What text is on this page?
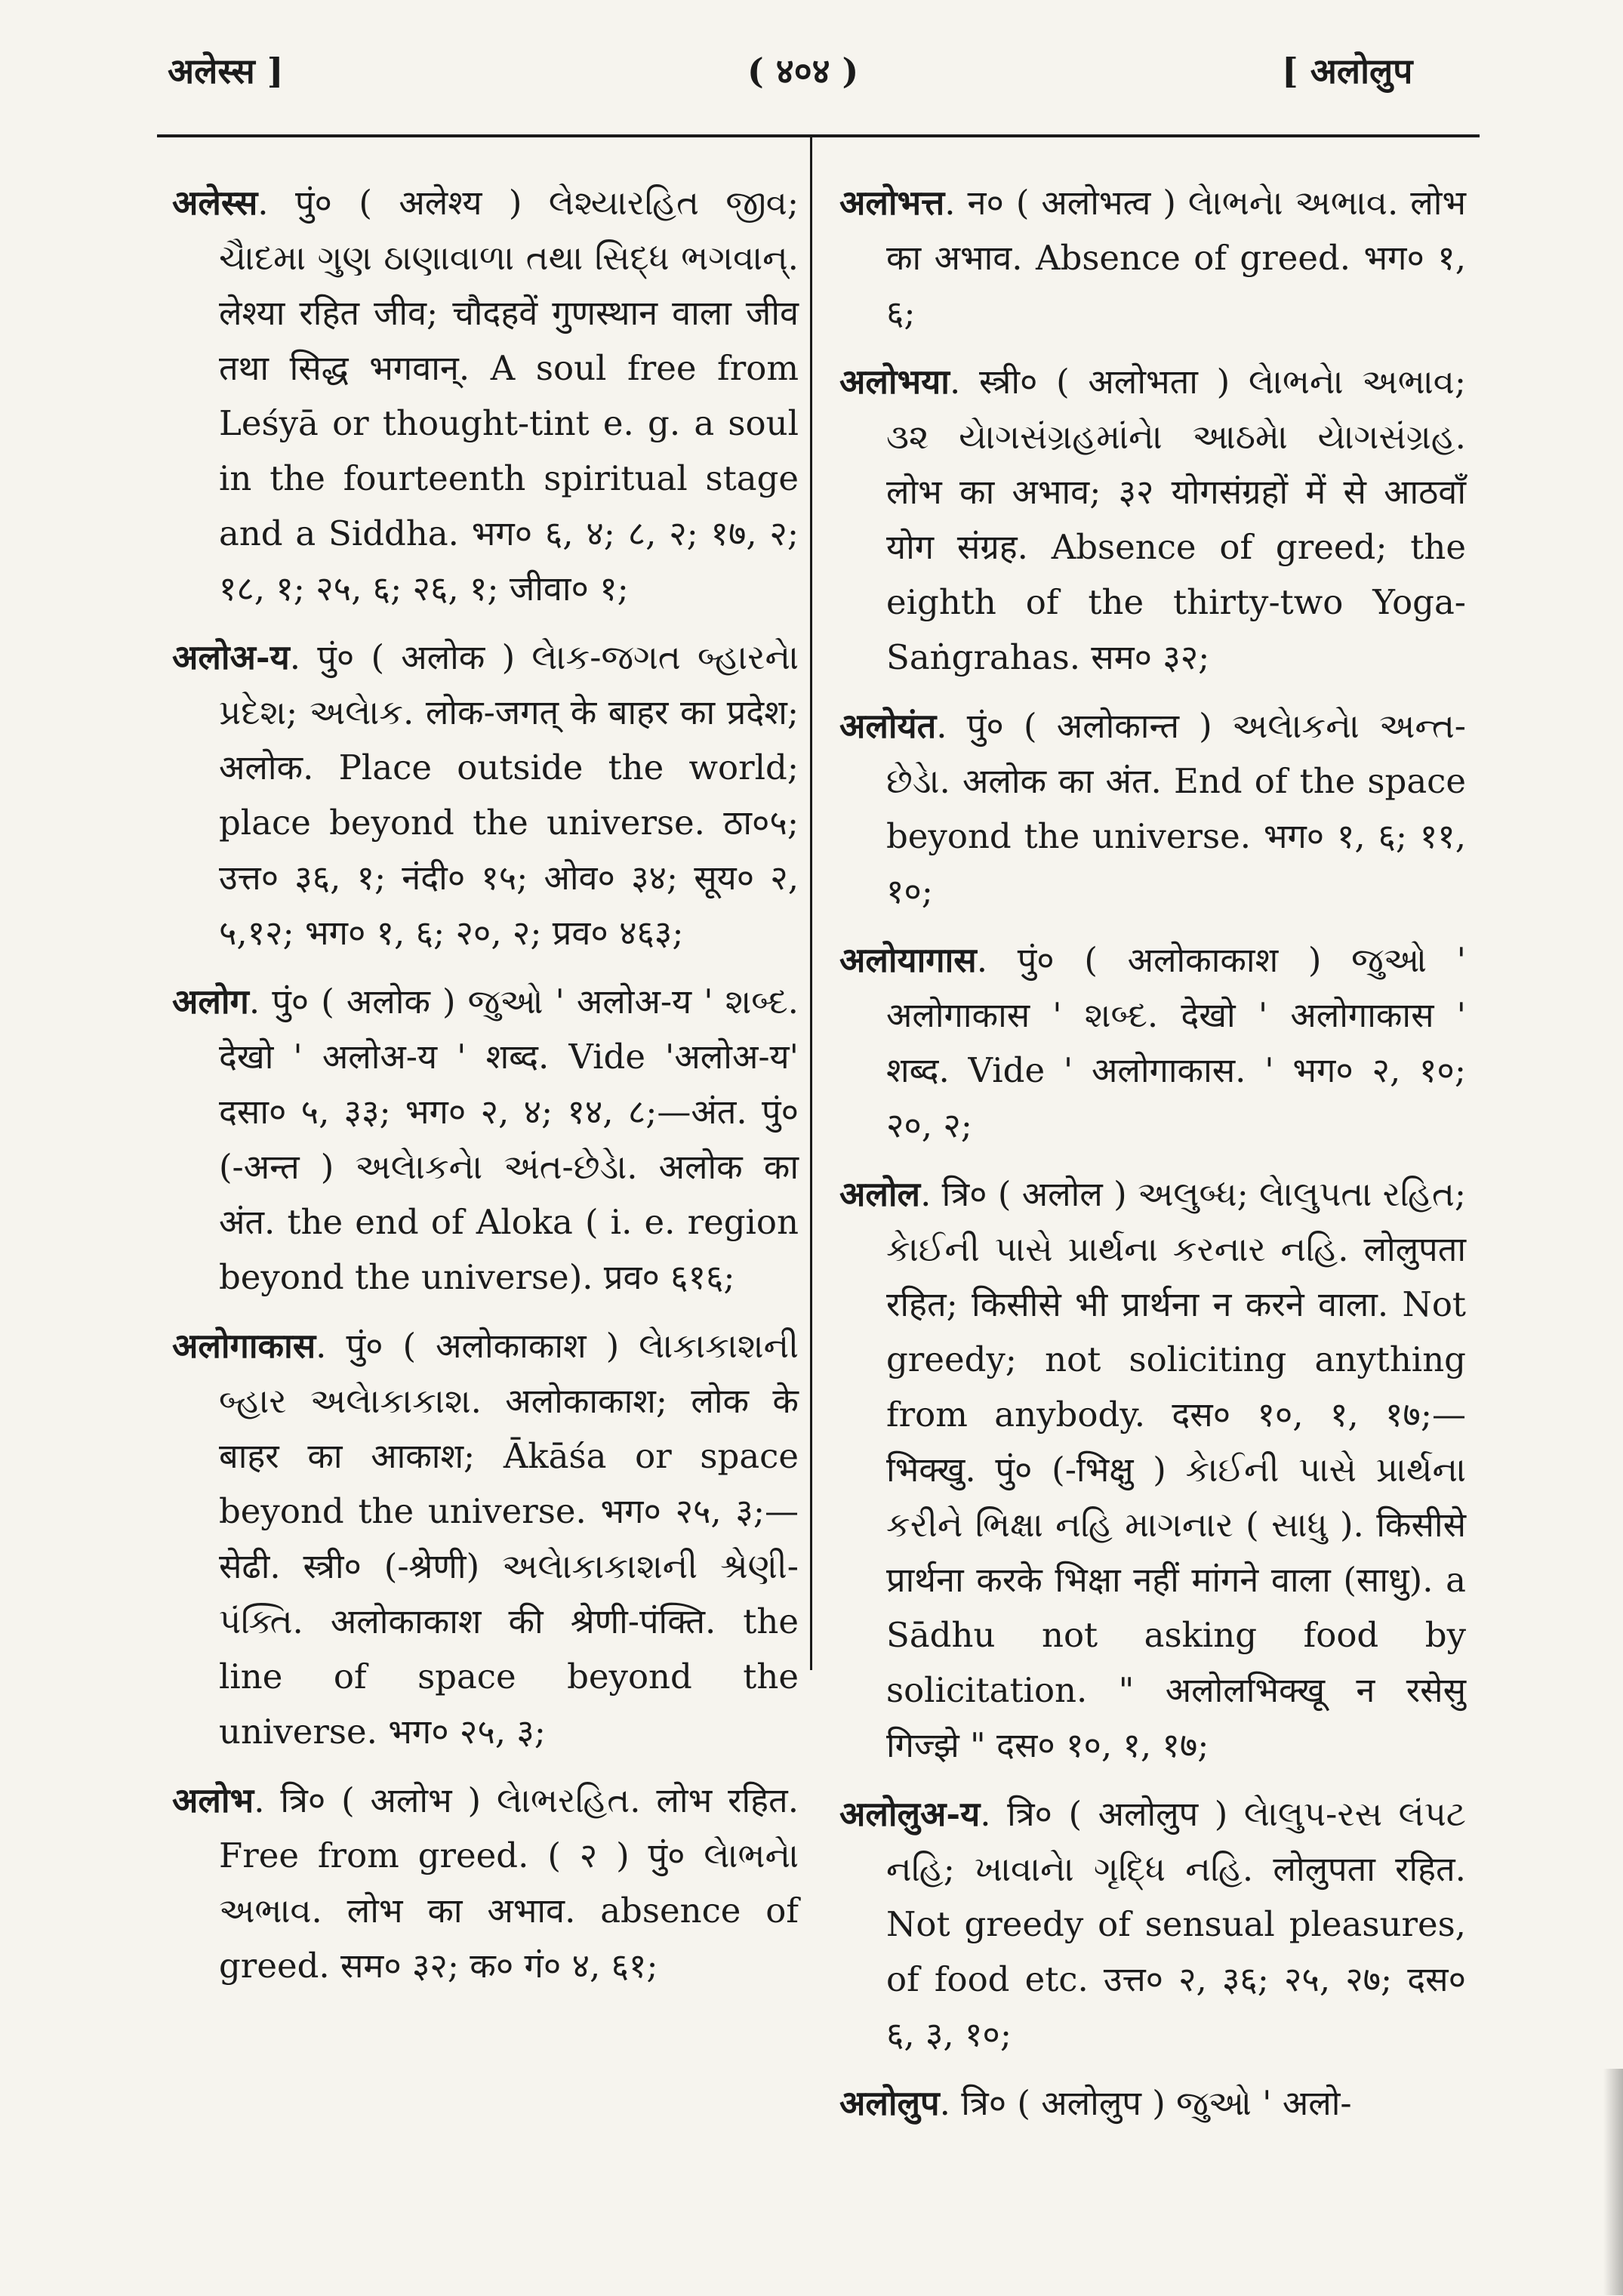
अलेस्स ]	( ४०४ )	[ अलोलुप

अलेस्स. पुं० ( अलेश्य ) લેશ્યારહિત જીવ; ચૈાદમા ગુણ ઠાણાવાળા તથા સિદ્ધ ભગવાન્. लेश्या रहित जीव; चौदहवें गुणस्थान वाला जीव तथा सिद्ध भगवान्. A soul free from Leśyā or thought-tint e. g. a soul in the fourteenth spiritual stage and a Siddha. भग० ६, ४; ८, २; १७, २; १८, १; २५, ६; २६, १; जीवा० १;

अलोअ-य. पुं० ( अलोक ) લેાક-જગત બ્હારનેા પ્રદેશ; અલેાક. लोक-जगत् के बाहर का प्रदेश; अलोक. Place outside the world; place beyond the universe. ठा०५; उत्त० ३६, १; नंदी० १५; ओव० ३४; सूय० २, ५,१२; भग० १, ६; २०, २; प्रव० ४६३;

अलोग. पुं० ( अलोक ) જુઓ ' अलोअ-य ' શબ્દ. देखो ' अलोअ-य ' शब्द. Vide 'अलोअ-य' दसा० ५, ३३; भग० २, ४; १४, ८;—अंत. पुं० (-अन्त ) અલેાકનેા અંત-છેડેા. अलोक का अंत. the end of Aloka ( i. e. region beyond the universe). प्रव० ६१६;

अलोगाकास. पुं० ( अलोकाकाश ) લેાકાકાશની બ્હાર અલેાકાકાશ. अलोकाकाश; लोक के बाहर का आकाश; Ākāśa or space beyond the universe. भग० २५, ३;—सेढी. स्त्री० (-श्रेणी) અલેાકાકાશની શ્રેણી-પંક્તિ. अलोकाकाश की श्रेणी-पंक्ति. the line of space beyond the universe. भग० २५, ३;

अलोभ. त्रि० ( अलोभ ) લેાભરહિત. लोभ रहित. Free from greed. ( २ ) पुं० લેાભનેા અભાવ. लोभ का अभाव. absence of greed. सम० ३२; क० गं० ४, ६१;

अलोभत्त. न० ( अलोभत्व ) લેાભનેા અભાવ. लोभ का अभाव. Absence of greed. भग० १, ६;

अलोभया. स्त्री० ( अलोभता ) લેાભનેા અભાવ; ૩૨ યેાગસંગ્રહમાંનેા આઠમેા યેાગસંગ્રહ. लोभ का अभाव; ३२ योगसंग्रहों में से आठवाँ योग संग्रह. Absence of greed; the eighth of the thirty-two Yoga-Saṅgrahas. सम० ३२;

अलोयंत. पुं० ( अलोकान्त ) અલેાકનેા અન્ત-છેડેા. अलोक का अंत. End of the space beyond the universe. भग० १, ६; ११, १०;

अलोयागास. पुं० ( अलोकाकाश ) જુઓ ' अलोगाकास ' શબ્દ. देखो ' अलोगाकास ' शब्द. Vide ' अलोगाकास. ' भग० २, १०; २०, २;

अलोल. त्रि० ( अलोल ) અલુબ્ધ; લેાલુપતા રહિત; કેાઈની પાસે પ્રાર્થના કરનાર નહિ. लोलुपता रहित; किसीसे भी प्रार्थना न करने वाला. Not greedy; not soliciting anything from anybody. दस० १०, १, १७;—भिक्खु. पुं० (-भिक्षु ) કેાઈની પાસે પ્રાર્થના કરીને ભિક્ષા નહિ માગનાર ( સાધુ ). किसीसे प्रार्थना करके भिक्षा नहीं मांगने वाला (साधु). a Sādhu not asking food by solicitation. " अलोलभिक्खू न रसेसु गिज्झे " दस० १०, १, १७;

अलोलुअ-य. त्रि० ( अलोलुप ) લેાલુપ-રસ લંપટ નહિ; ખાવાનેા ગૃદ્ધિ નહિ. लोलुपता रहित. Not greedy of sensual pleasures, of food etc. उत्त० २, ३६; २५, २७; दस० ६, ३, १०;

अलोलुप. त्रि० ( अलोलुप ) જુઓ ' अलो-
